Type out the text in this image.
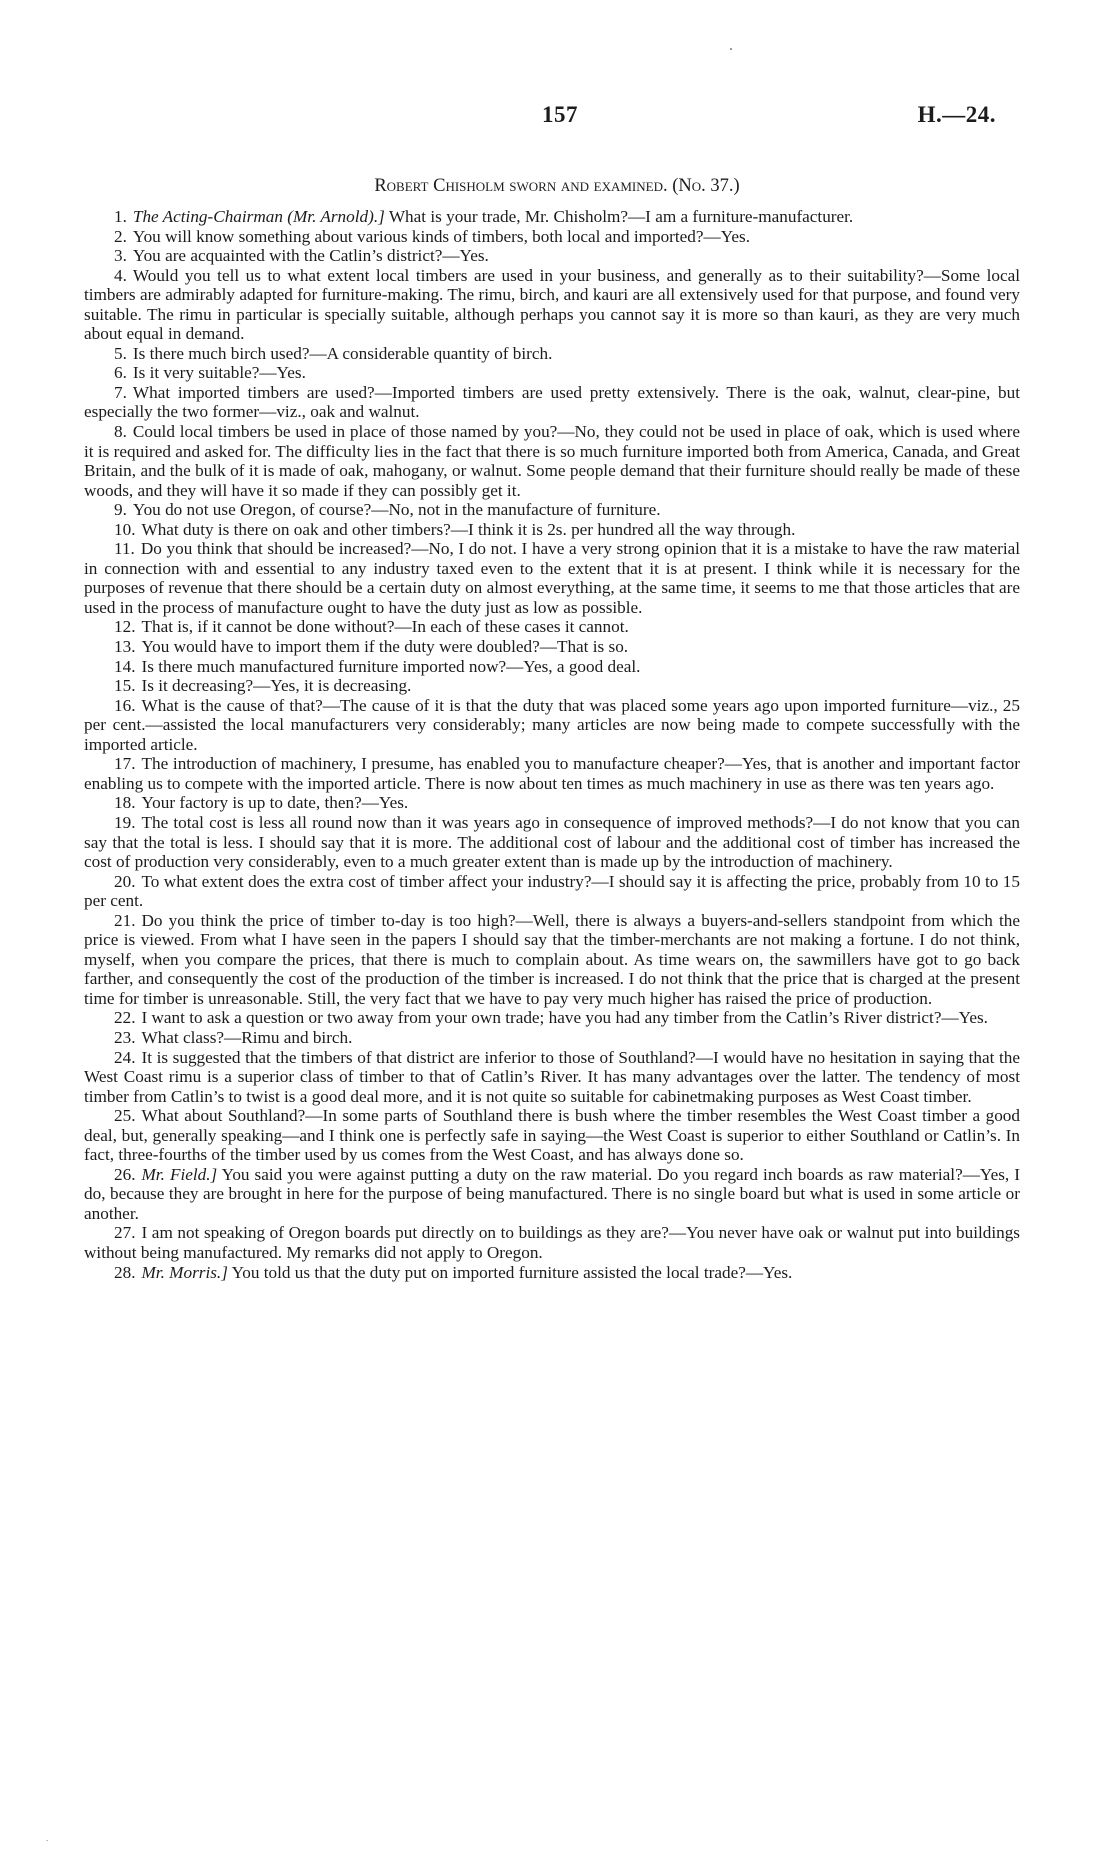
157	H.—24.
Robert Chisholm sworn and examined. (No. 37.)

1. The Acting-Chairman (Mr. Arnold).] What is your trade, Mr. Chisholm?—I am a furniture-manufacturer.

2. You will know something about various kinds of timbers, both local and imported?—Yes.

3. You are acquainted with the Catlin’s district?—Yes.

4. Would you tell us to what extent local timbers are used in your business, and generally as to their suitability?—Some local timbers are admirably adapted for furniture-making. The rimu, birch, and kauri are all extensively used for that purpose, and found very suitable. The rimu in particular is specially suitable, although perhaps you cannot say it is more so than kauri, as they are very much about equal in demand.

5. Is there much birch used?—A considerable quantity of birch.

6. Is it very suitable?—Yes.

7. What imported timbers are used?—Imported timbers are used pretty extensively. There is the oak, walnut, clear-pine, but especially the two former—viz., oak and walnut.

8. Could local timbers be used in place of those named by you?—No, they could not be used in place of oak, which is used where it is required and asked for. The difficulty lies in the fact that there is so much furniture imported both from America, Canada, and Great Britain, and the bulk of it is made of oak, mahogany, or walnut. Some people demand that their furniture should really be made of these woods, and they will have it so made if they can possibly get it.

9. You do not use Oregon, of course?—No, not in the manufacture of furniture.

10. What duty is there on oak and other timbers?—I think it is 2s. per hundred all the way through.

11. Do you think that should be increased?—No, I do not. I have a very strong opinion that it is a mistake to have the raw material in connection with and essential to any industry taxed even to the extent that it is at present. I think while it is necessary for the purposes of revenue that there should be a certain duty on almost everything, at the same time, it seems to me that those articles that are used in the process of manufacture ought to have the duty just as low as possible.

12. That is, if it cannot be done without?—In each of these cases it cannot.

13. You would have to import them if the duty were doubled?—That is so.

14. Is there much manufactured furniture imported now?—Yes, a good deal.

15. Is it decreasing?—Yes, it is decreasing.

16. What is the cause of that?—The cause of it is that the duty that was placed some years ago upon imported furniture—viz., 25 per cent.—assisted the local manufacturers very considerably; many articles are now being made to compete successfully with the imported article.

17. The introduction of machinery, I presume, has enabled you to manufacture cheaper?—Yes, that is another and important factor enabling us to compete with the imported article. There is now about ten times as much machinery in use as there was ten years ago.

18. Your factory is up to date, then?—Yes.

19. The total cost is less all round now than it was years ago in consequence of improved methods?—I do not know that you can say that the total is less. I should say that it is more. The additional cost of labour and the additional cost of timber has increased the cost of production very considerably, even to a much greater extent than is made up by the introduction of machinery.

20. To what extent does the extra cost of timber affect your industry?—I should say it is affecting the price, probably from 10 to 15 per cent.

21. Do you think the price of timber to-day is too high?—Well, there is always a buyers-and-sellers standpoint from which the price is viewed. From what I have seen in the papers I should say that the timber-merchants are not making a fortune. I do not think, myself, when you compare the prices, that there is much to complain about. As time wears on, the sawmillers have got to go back farther, and consequently the cost of the production of the timber is increased. I do not think that the price that is charged at the present time for timber is unreasonable. Still, the very fact that we have to pay very much higher has raised the price of production.

22. I want to ask a question or two away from your own trade; have you had any timber from the Catlin’s River district?—Yes.

23. What class?—Rimu and birch.

24. It is suggested that the timbers of that district are inferior to those of Southland?—I would have no hesitation in saying that the West Coast rimu is a superior class of timber to that of Catlin’s River. It has many advantages over the latter. The tendency of most timber from Catlin’s to twist is a good deal more, and it is not quite so suitable for cabinetmaking purposes as West Coast timber.

25. What about Southland?—In some parts of Southland there is bush where the timber resembles the West Coast timber a good deal, but, generally speaking—and I think one is perfectly safe in saying—the West Coast is superior to either Southland or Catlin’s. In fact, three-fourths of the timber used by us comes from the West Coast, and has always done so.

26. Mr. Field.] You said you were against putting a duty on the raw material. Do you regard inch boards as raw material?—Yes, I do, because they are brought in here for the purpose of being manufactured. There is no single board but what is used in some article or another.

27. I am not speaking of Oregon boards put directly on to buildings as they are?—You never have oak or walnut put into buildings without being manufactured. My remarks did not apply to Oregon.

28. Mr. Morris.] You told us that the duty put on imported furniture assisted the local trade?—Yes.

.
